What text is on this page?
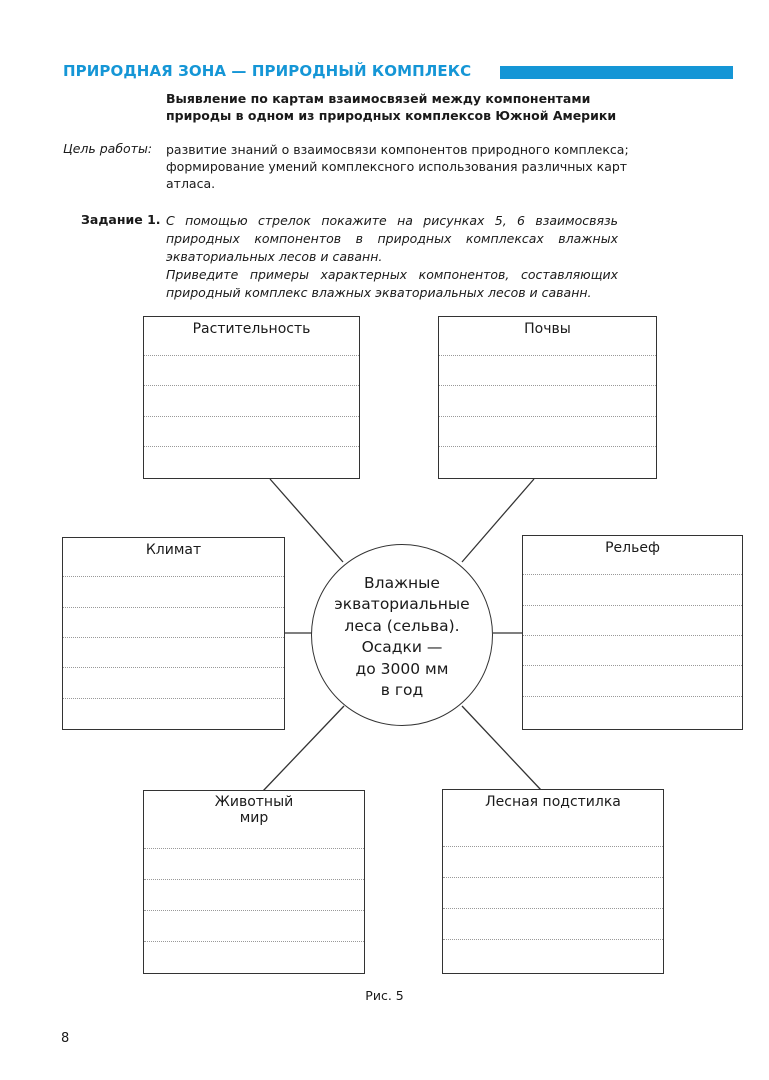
ПРИРОДНАЯ ЗОНА — ПРИРОДНЫЙ КОМПЛЕКС
Выявление по картам взаимосвязей между компонентами природы в одном из природных комплексов Южной Америки
Цель работы: развитие знаний о взаимосвязи компонентов природного комплекса; формирование умений комплексного использования различных карт атласа.
Задание 1. С помощью стрелок покажите на рисунках 5, 6 взаимосвязь природных компонентов в природных комплексах влажных экваториальных лесов и саванн.

Приведите примеры характерных компонентов, составляющих природный комплекс влажных экваториальных лесов и саванн.

Растительность	Почвы
Климат	Рельеф
Животный
мир
Лесная подстилка
Влажные
экваториальные
леса (сельва).
Осадки —
до 3000 мм
в год
Рис. 5
8
